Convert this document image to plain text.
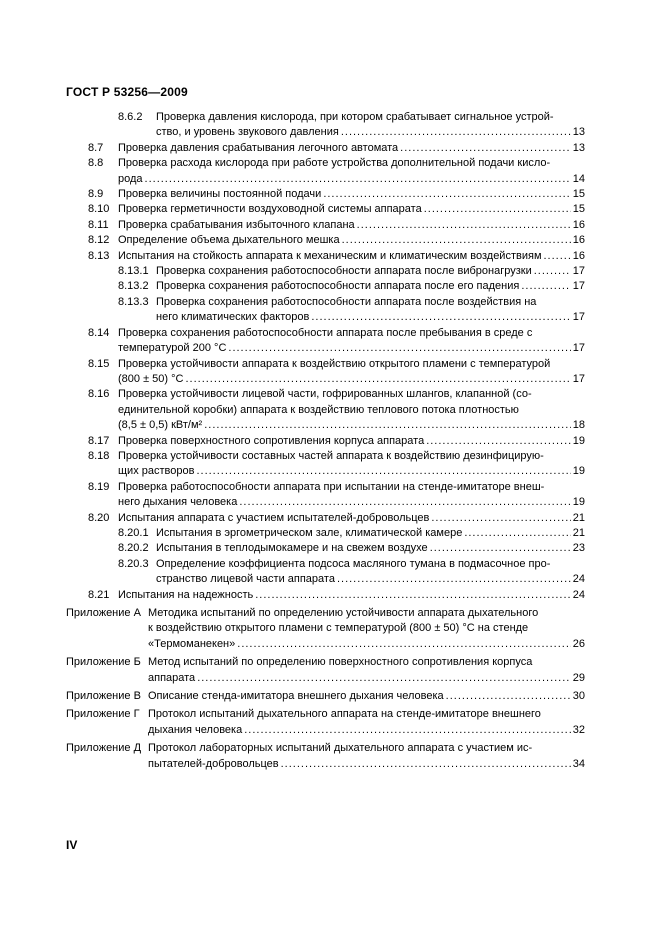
ГОСТ Р 53256—2009
8.6.2	Проверка давления кислорода, при котором срабатывает сигнальное устрой-
ство, и уровень звукового давления .....	13
8.7	Проверка давления срабатывания легочного автомата .....	13
8.8	Проверка расхода кислорода при работе устройства дополнительной подачи кисло-
рода .....	14
8.9	Проверка величины постоянной подачи .....	15
8.10 Проверка герметичности воздуховодной системы аппарата .....	15
8.11 Проверка срабатывания избыточного клапана .....	16
8.12 Определение объема дыхательного мешка .....	16
8.13 Испытания на стойкость аппарата к механическим и климатическим воздействиям .....	16
8.13.1 Проверка сохранения работоспособности аппарата после вибронагрузки .....	17
8.13.2 Проверка сохранения работоспособности аппарата после его падения .....	17
8.13.3 Проверка сохранения работоспособности аппарата после воздействия на
него климатических факторов .....	17
8.14 Проверка сохранения работоспособности аппарата после пребывания в среде с
температурой 200 °С .....	17
8.15 Проверка устойчивости аппарата к воздействию открытого пламени с температурой
(800 ± 50) °С .....	17
8.16 Проверка устойчивости лицевой части, гофрированных шлангов, клапанной (со-
единительной коробки) аппарата к воздействию теплового потока плотностью
(8,5 ± 0,5) кВт/м² .....	18
8.17 Проверка поверхностного сопротивления корпуса аппарата .....	19
8.18 Проверка устойчивости составных частей аппарата к воздействию дезинфицирую-
щих растворов .....	19
8.19 Проверка работоспособности аппарата при испытании на стенде-имитаторе внеш-
него дыхания человека .....	19
8.20 Испытания аппарата с участием испытателей-добровольцев .....	21
8.20.1 Испытания в эргометрическом зале, климатической камере .....	21
8.20.2 Испытания в теплодымокамере и на свежем воздухе .....	23
8.20.3 Определение коэффициента подсоса масляного тумана в подмасочное про-
странство лицевой части аппарата .....	24
8.21 Испытания на надежность .....	24
Приложение А Методика испытаний по определению устойчивости аппарата дыхательного
к воздействию открытого пламени с температурой (800 ± 50) °С на стенде
«Термоманекен» .....	26
Приложение Б Метод испытаний по определению поверхностного сопротивления корпуса
аппарата .....	29
Приложение В Описание стенда-имитатора внешнего дыхания человека .....	30
Приложение Г Протокол испытаний дыхательного аппарата на стенде-имитаторе внешнего
дыхания человека .....	32
Приложение Д Протокол лабораторных испытаний дыхательного аппарата с участием ис-
пытателей-добровольцев .....	34
IV
